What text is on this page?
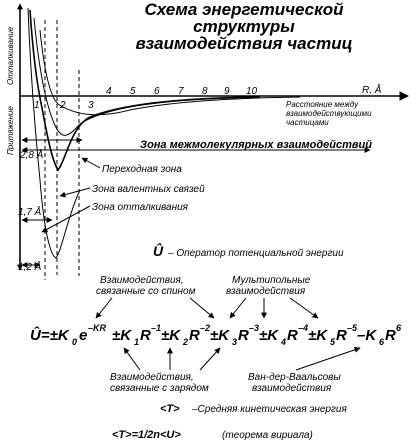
Схема энергетической
структуры
взаимодействия частиц
Отталкивание
Притяжение
R, Å
Расстояние между
взаимодействующими
частицами
1 2 3
4 5 6 7 8 9 10
2,8 Å
1,7 Å
1,2 Å
Зона межмолекулярных взаимодействий
Переходная зона
Зона валентных связей
Зона отталкивания
Û – Оператор потенциальной энергии
Взаимодействия,
связанные со спином
Мультипольные
взаимодействия
Û=±K 0 e –KR ±K 1 R –1 ±K 2 R –2 ±K 3 R –3 ±K 4 R –4 ±K 5 R –5 –K 6 R 6
Взаимодействия,
связанные с зарядом
Ван-дер-Ваальсовы
взаимодействия
<T> –Средняя кинетическая энергия
<T>=1/2n<U>	(теорема вириала)
